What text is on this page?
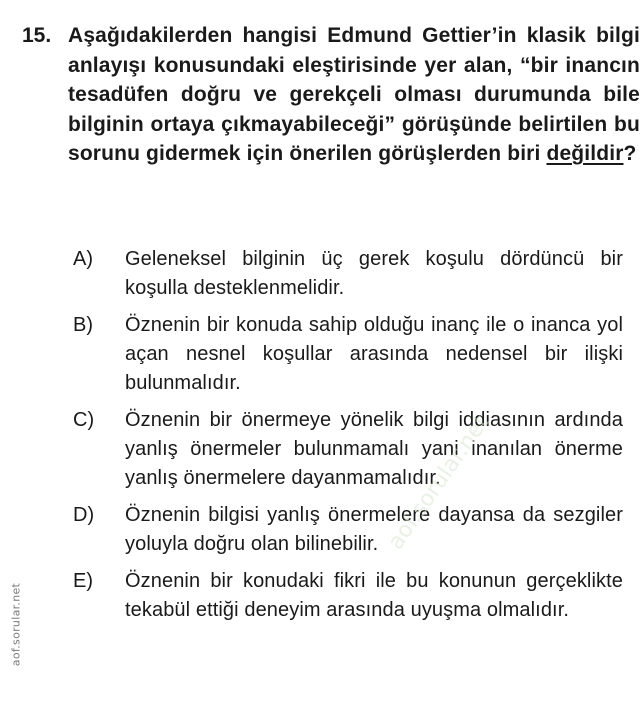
15. Aşağıdakilerden hangisi Edmund Gettier’in klasik bilgi anlayışı konusundaki eleştirisinde yer alan, “bir inancın tesadüfen doğru ve gerekçeli olması durumunda bile bilginin ortaya çıkmayabileceği” görüşünde belirtilen bu sorunu gidermek için önerilen görüşlerden biri değildir?
A)	Geleneksel bilginin üç gerek koşulu dördüncü bir koşulla desteklenmelidir.
B)	Öznenin bir konuda sahip olduğu inanç ile o inanca yol açan nesnel koşullar arasında nedensel bir ilişki bulunmalıdır.
C)	Öznenin bir önermeye yönelik bilgi iddiasının ardında yanlış önermeler bulunmamalı yani inanılan önerme yanlış önermelere dayanmamalıdır.
D)	Öznenin bilgisi yanlış önermelere dayansa da sezgiler yoluyla doğru olan bilinebilir.
E)	Öznenin bir konudaki fikri ile bu konunun gerçeklikte tekabül ettiği deneyim arasında uyuşma olmalıdır.
aof.sorular.net
aof.sorular.net
